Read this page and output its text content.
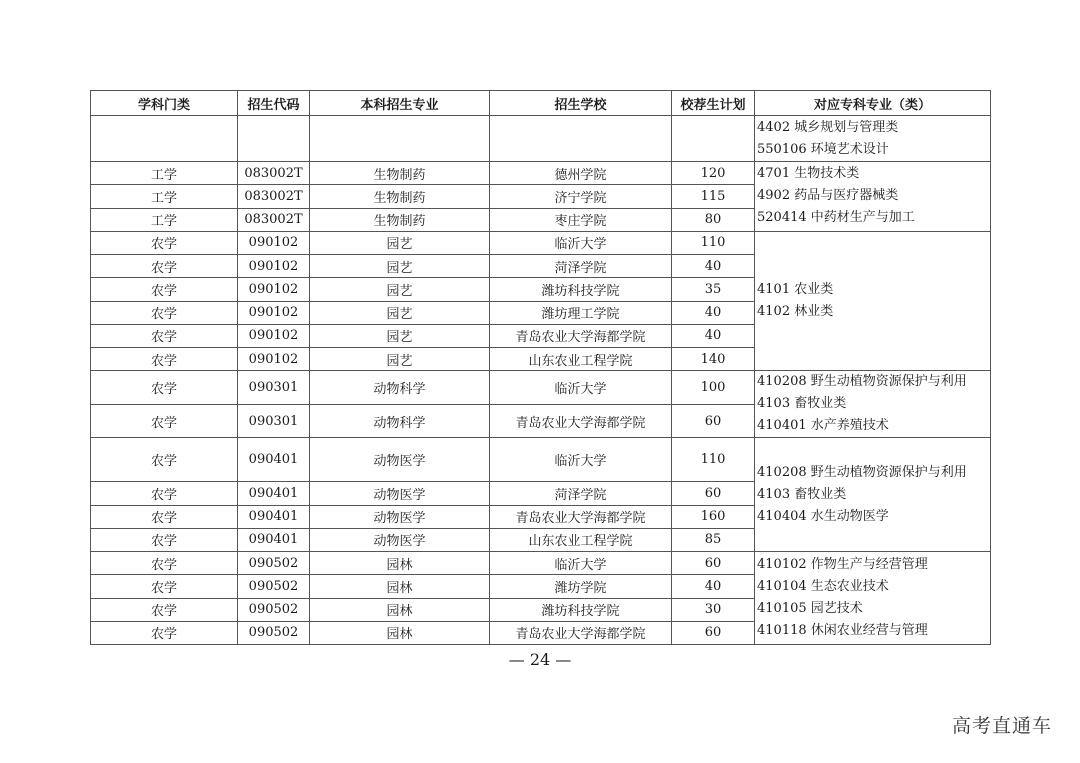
学科门类	招生代码	本科招生专业	招生学校	校荐生计划	对应专科专业（类）

					4402 城乡规划与管理类
550106 环境艺术设计

工学	083002T	生物制药	德州学院	120	4701 生物技术类
4902 药品与医疗器械类
520414 中药材生产与加工

工学	083002T	生物制药	济宁学院	115	
工学	083002T	生物制药	枣庄学院	80	
农学	090102	园艺	临沂大学	110	4101 农业类
4102 林业类

农学	090102	园艺	菏泽学院	40	
农学	090102	园艺	潍坊科技学院	35	
农学	090102	园艺	潍坊理工学院	40	
农学	090102	园艺	青岛农业大学海都学院	40	
农学	090102	园艺	山东农业工程学院	140	
农学	090301	动物科学	临沂大学	100	410208 野生动植物资源保护与利用
4103 畜牧业类
410401 水产养殖技术

农学	090301	动物科学	青岛农业大学海都学院	60	
农学	090401	动物医学	临沂大学	110	410208 野生动植物资源保护与利用
4103 畜牧业类
410404 水生动物医学

农学	090401	动物医学	菏泽学院	60	
农学	090401	动物医学	青岛农业大学海都学院	160	
农学	090401	动物医学	山东农业工程学院	85	
农学	090502	园林	临沂大学	60	410102 作物生产与经营管理
410104 生态农业技术
410105 园艺技术
410118 休闲农业经营与管理

农学	090502	园林	潍坊学院	40	
农学	090502	园林	潍坊科技学院	30	
农学	090502	园林	青岛农业大学海都学院	60	
— 24 —
高考直通车
